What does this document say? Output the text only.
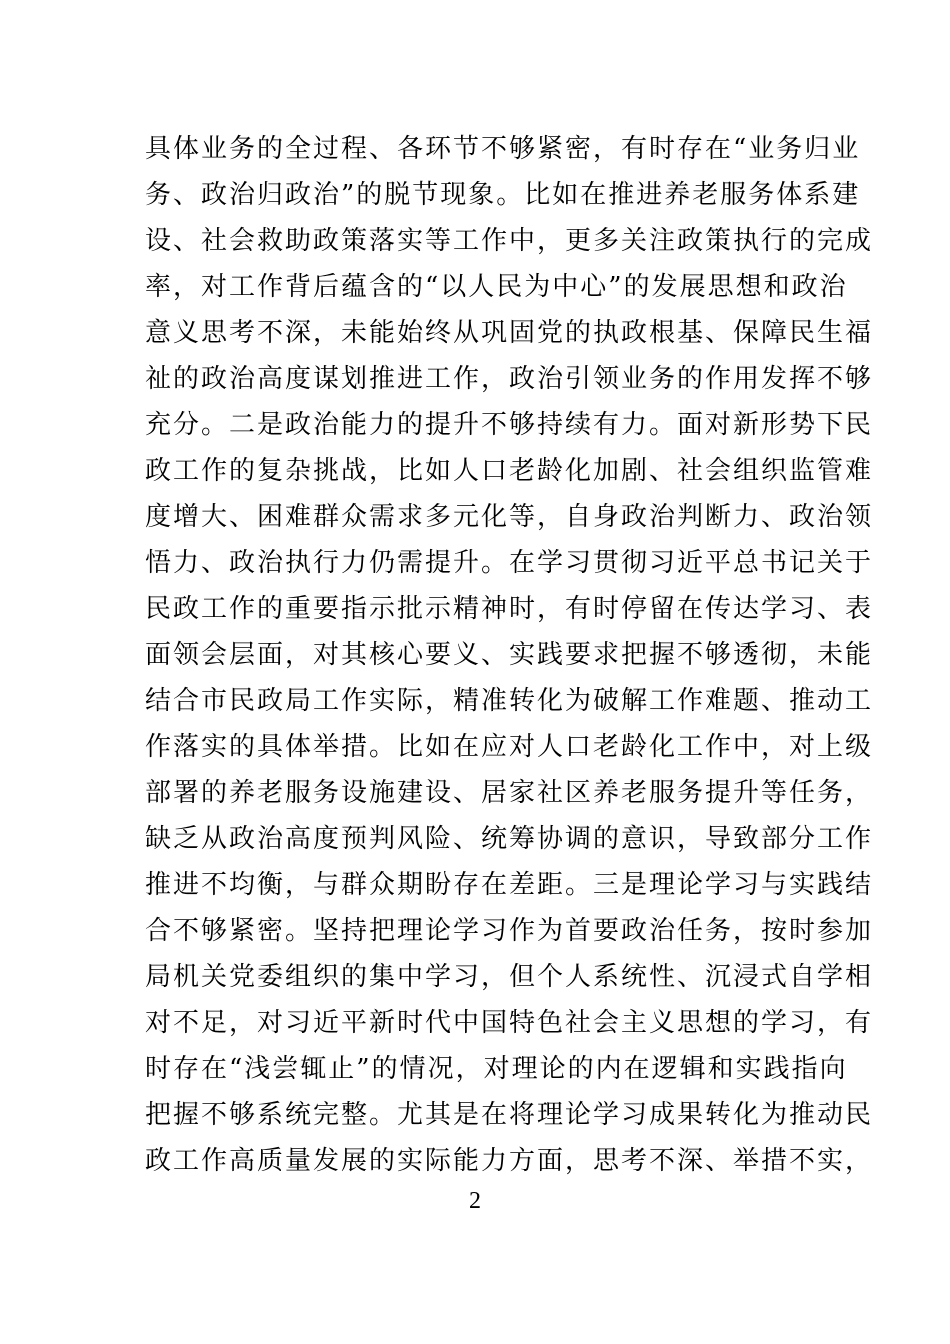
具体业务的全过程、各环节不够紧密，有时存在“业务归业
务、政治归政治”的脱节现象。比如在推进养老服务体系建
设、社会救助政策落实等工作中，更多关注政策执行的完成
率，对工作背后蕴含的“以人民为中心”的发展思想和政治
意义思考不深，未能始终从巩固党的执政根基、保障民生福
祉的政治高度谋划推进工作，政治引领业务的作用发挥不够
充分。二是政治能力的提升不够持续有力。面对新形势下民
政工作的复杂挑战，比如人口老龄化加剧、社会组织监管难
度增大、困难群众需求多元化等，自身政治判断力、政治领
悟力、政治执行力仍需提升。在学习贯彻习近平总书记关于
民政工作的重要指示批示精神时，有时停留在传达学习、表
面领会层面，对其核心要义、实践要求把握不够透彻，未能
结合市民政局工作实际，精准转化为破解工作难题、推动工
作落实的具体举措。比如在应对人口老龄化工作中，对上级
部署的养老服务设施建设、居家社区养老服务提升等任务，
缺乏从政治高度预判风险、统筹协调的意识，导致部分工作
推进不均衡，与群众期盼存在差距。三是理论学习与实践结
合不够紧密。坚持把理论学习作为首要政治任务，按时参加
局机关党委组织的集中学习，但个人系统性、沉浸式自学相
对不足，对习近平新时代中国特色社会主义思想的学习，有
时存在“浅尝辄止”的情况，对理论的内在逻辑和实践指向
把握不够系统完整。尤其是在将理论学习成果转化为推动民
政工作高质量发展的实际能力方面，思考不深、举措不实，
2
